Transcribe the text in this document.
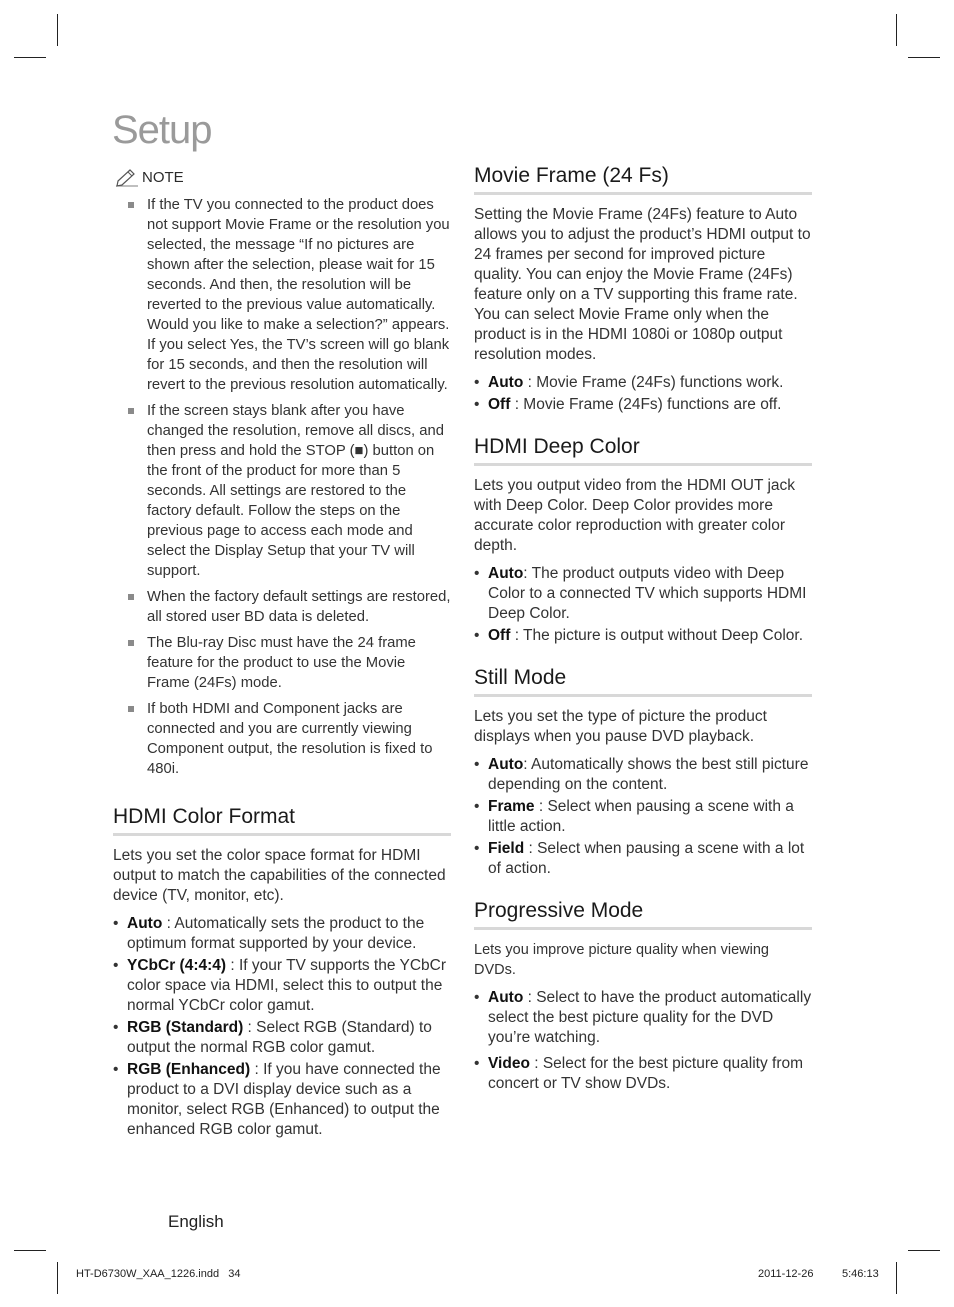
Setup
NOTE
If the TV you connected to the product does not support Movie Frame or the resolution you selected, the message “If no pictures are shown after the selection, please wait for 15 seconds. And then, the resolution will be reverted to the previous value automatically. Would you like to make a selection?” appears. If you select Yes, the TV’s screen will go blank for 15 seconds, and then the resolution will revert to the previous resolution automatically.
If the screen stays blank after you have changed the resolution, remove all discs, and then press and hold the STOP (■) button on the front of the product for more than 5 seconds. All settings are restored to the factory default. Follow the steps on the previous page to access each mode and select the Display Setup that your TV will support.
When the factory default settings are restored, all stored user BD data is deleted.
The Blu-ray Disc must have the 24 frame feature for the product to use the Movie Frame (24Fs) mode.
If both HDMI and Component jacks are connected and you are currently viewing Component output, the resolution is fixed to 480i.
HDMI Color Format
Lets you set the color space format for HDMI output to match the capabilities of the connected device (TV, monitor, etc).
• Auto : Automatically sets the product to the optimum format supported by your device.
• YCbCr (4:4:4) : If your TV supports the YCbCr color space via HDMI, select this to output the normal YCbCr color gamut.
• RGB (Standard) : Select RGB (Standard) to output the normal RGB color gamut.
• RGB (Enhanced) : If you have connected the product to a DVI display device such as a monitor, select RGB (Enhanced) to output the enhanced RGB color gamut.
Movie Frame (24 Fs)
Setting the Movie Frame (24Fs) feature to Auto allows you to adjust the product’s HDMI output to 24 frames per second for improved picture quality. You can enjoy the Movie Frame (24Fs) feature only on a TV supporting this frame rate. You can select Movie Frame only when the product is in the HDMI 1080i or 1080p output resolution modes.
• Auto : Movie Frame (24Fs) functions work.
• Off : Movie Frame (24Fs) functions are off.
HDMI Deep Color
Lets you output video from the HDMI OUT jack with Deep Color. Deep Color provides more accurate color reproduction with greater color depth.
• Auto: The product outputs video with Deep Color to a connected TV which supports HDMI Deep Color.
• Off : The picture is output without Deep Color.
Still Mode
Lets you set the type of picture the product displays when you pause DVD playback.
• Auto: Automatically shows the best still picture depending on the content.
• Frame : Select when pausing a scene with a little action.
• Field : Select when pausing a scene with a lot of action.
Progressive Mode
Lets you improve picture quality when viewing DVDs.
• Auto : Select to have the product automatically select the best picture quality for the DVD you’re watching.
• Video : Select for the best picture quality from concert or TV show DVDs.
English
HT-D6730W_XAA_1226.indd   34	2011-12-26	5:46:13
